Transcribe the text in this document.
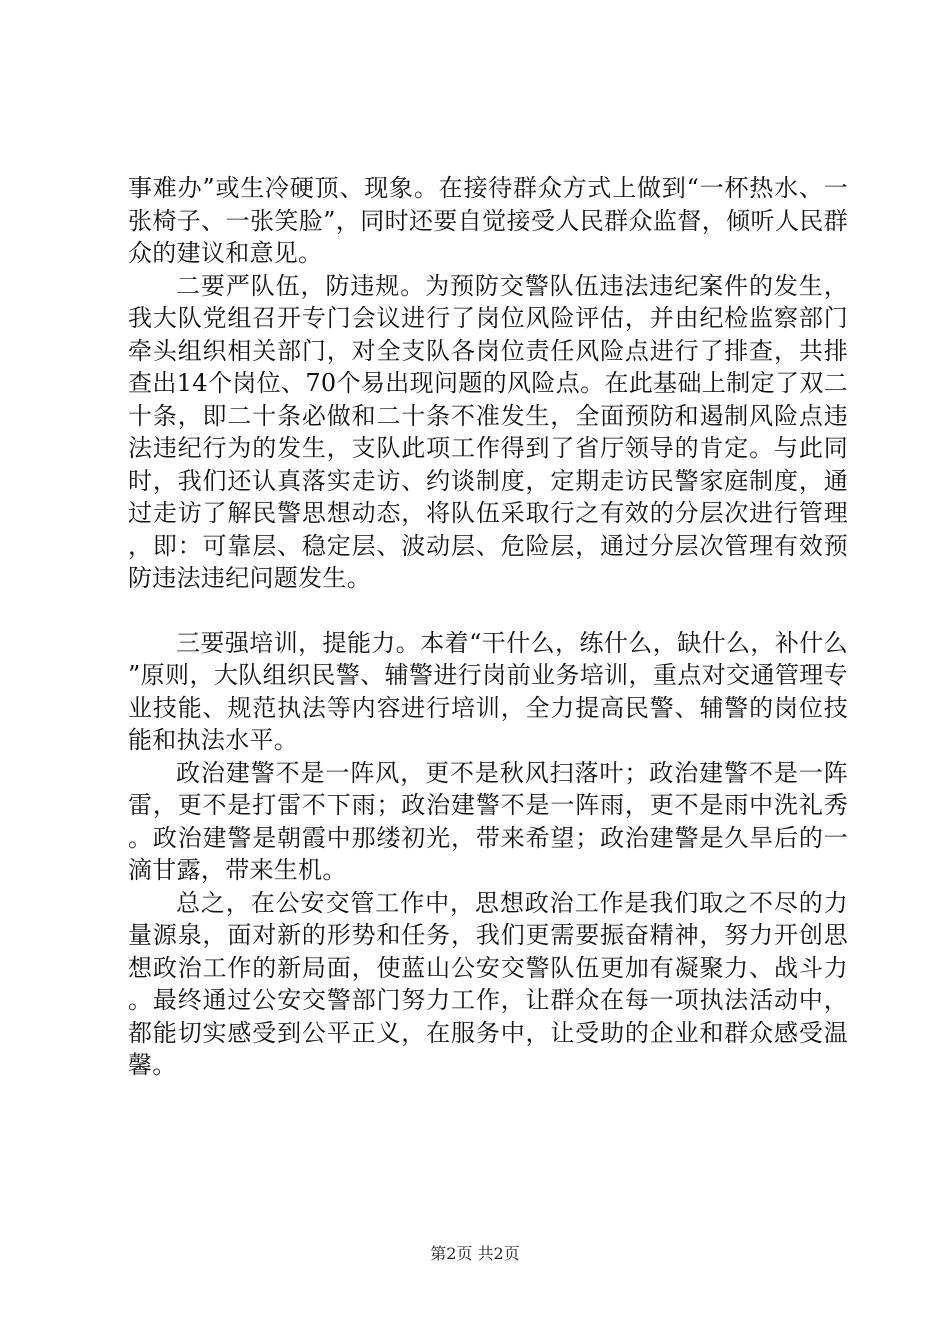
事难办”或生冷硬顶、现象。在接待群众方式上做到“一杯热水、一张椅子、一张笑脸”，同时还要自觉接受人民群众监督，倾听人民群众的建议和意见。

二要严队伍，防违规。为预防交警队伍违法违纪案件的发生，我大队党组召开专门会议进行了岗位风险评估，并由纪检监察部门牵头组织相关部门，对全支队各岗位责任风险点进行了排查，共排查出14个岗位、70个易出现问题的风险点。在此基础上制定了双二十条，即二十条必做和二十条不准发生，全面预防和遏制风险点违法违纪行为的发生，支队此项工作得到了省厅领导的肯定。与此同时，我们还认真落实走访、约谈制度，定期走访民警家庭制度，通过走访了解民警思想动态，将队伍采取行之有效的分层次进行管理，即：可靠层、稳定层、波动层、危险层，通过分层次管理有效预防违法违纪问题发生。

三要强培训，提能力。本着“干什么，练什么，缺什么，补什么”原则，大队组织民警、辅警进行岗前业务培训，重点对交通管理专业技能、规范执法等内容进行培训，全力提高民警、辅警的岗位技能和执法水平。

政治建警不是一阵风，更不是秋风扫落叶；政治建警不是一阵雷，更不是打雷不下雨；政治建警不是一阵雨，更不是雨中洗礼秀。政治建警是朝霞中那缕初光，带来希望；政治建警是久旱后的一滴甘露，带来生机。

总之，在公安交管工作中，思想政治工作是我们取之不尽的力量源泉，面对新的形势和任务，我们更需要振奋精神，努力开创思想政治工作的新局面，使蓝山公安交警队伍更加有凝聚力、战斗力。最终通过公安交警部门努力工作，让群众在每一项执法活动中，都能切实感受到公平正义，在服务中，让受助的企业和群众感受温馨。

第2页 共2页
